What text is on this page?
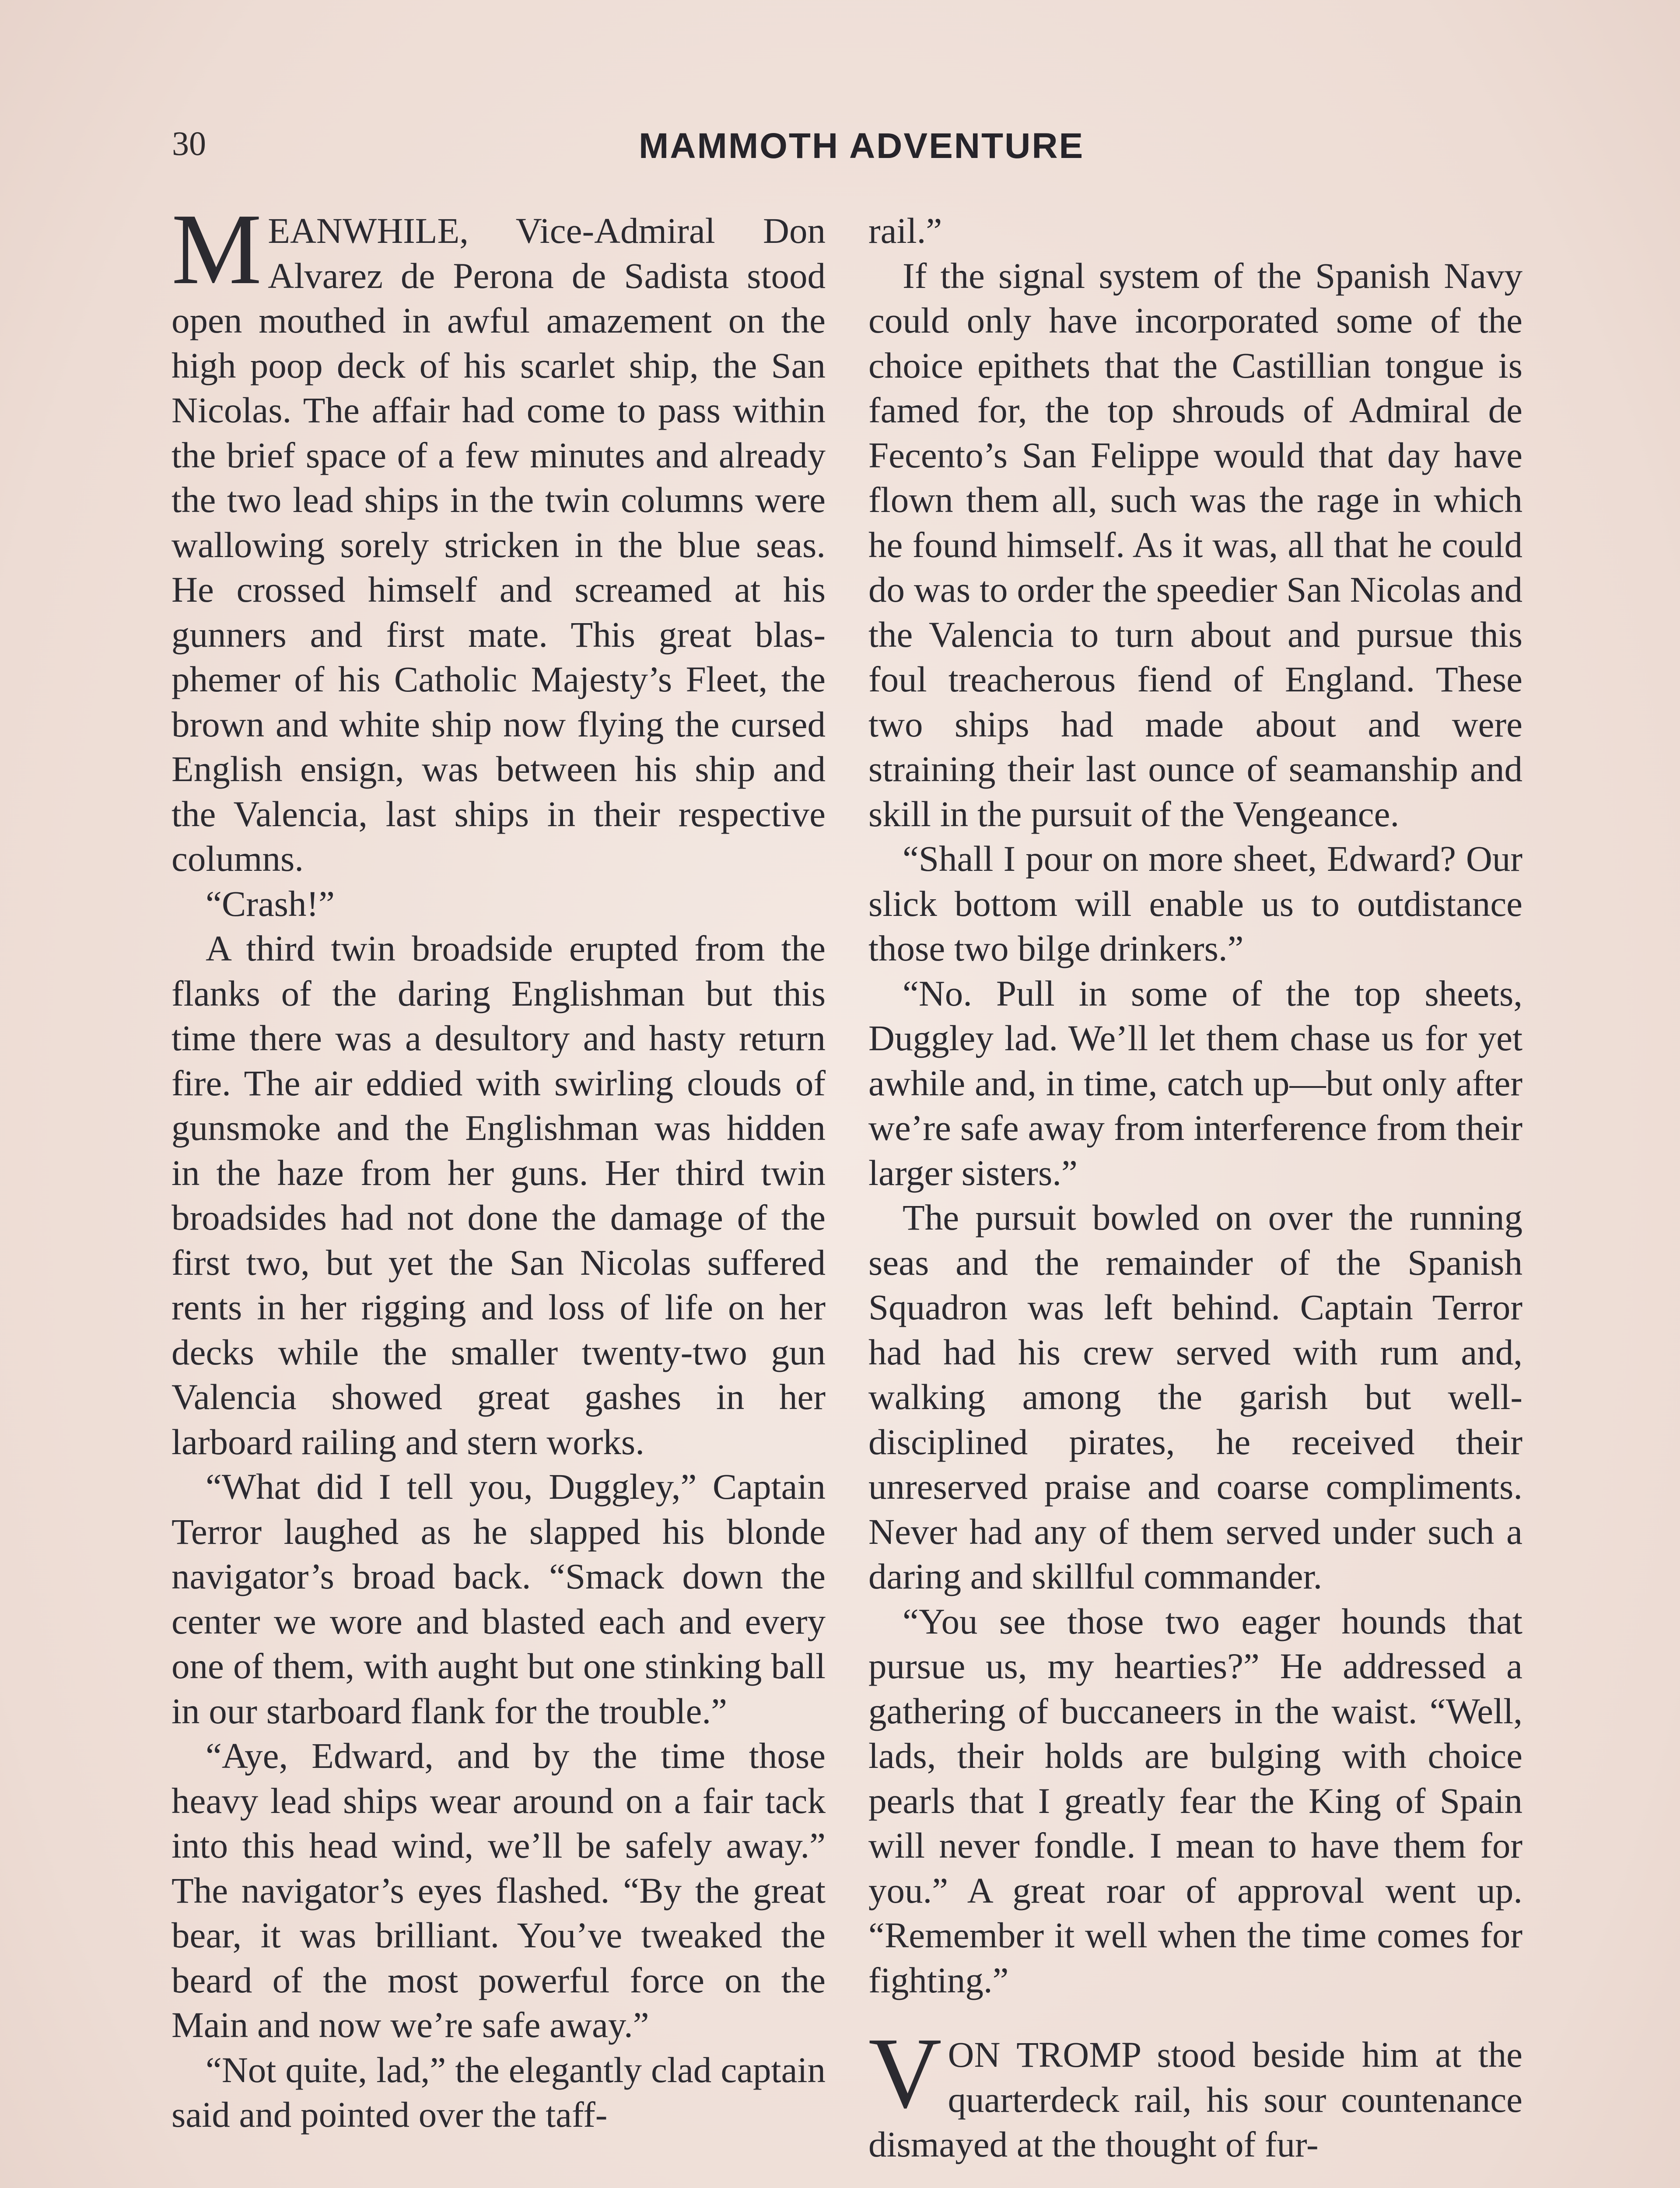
30	MAMMOTH ADVENTURE

MEANWHILE, Vice-Admiral Don Alvarez de Perona de Sadista stood open mouthed in awful amazement on the high poop deck of his scarlet ship, the San Nicolas. The affair had come to pass within the brief space of a few minutes and already the two lead ships in the twin columns were wallowing sorely stricken in the blue seas. He crossed himself and screamed at his gunners and first mate. This great blasphemer of his Catholic Majesty’s Fleet, the brown and white ship now flying the cursed English ensign, was between his ship and the Valencia, last ships in their respective columns.

“Crash!”

A third twin broadside erupted from the flanks of the daring Englishman but this time there was a desultory and hasty return fire. The air eddied with swirling clouds of gunsmoke and the Englishman was hidden in the haze from her guns. Her third twin broadsides had not done the damage of the first two, but yet the San Nicolas suffered rents in her rigging and loss of life on her decks while the smaller twenty-two gun Valencia showed great gashes in her larboard railing and stern works.

“What did I tell you, Duggley,” Captain Terror laughed as he slapped his blonde navigator’s broad back. “Smack down the center we wore and blasted each and every one of them, with aught but one stinking ball in our starboard flank for the trouble.”

“Aye, Edward, and by the time those heavy lead ships wear around on a fair tack into this head wind, we’ll be safely away.” The navigator’s eyes flashed. “By the great bear, it was brilliant. You’ve tweaked the beard of the most powerful force on the Main and now we’re safe away.”

“Not quite, lad,” the elegantly clad captain said and pointed over the taff-

rail.”

If the signal system of the Spanish Navy could only have incorporated some of the choice epithets that the Castillian tongue is famed for, the top shrouds of Admiral de Fecento’s San Felippe would that day have flown them all, such was the rage in which he found himself. As it was, all that he could do was to order the speedier San Nicolas and the Valencia to turn about and pursue this foul treacherous fiend of England. These two ships had made about and were straining their last ounce of seamanship and skill in the pursuit of the Vengeance.

“Shall I pour on more sheet, Edward? Our slick bottom will enable us to outdistance those two bilge drinkers.”

“No. Pull in some of the top sheets, Duggley lad. We’ll let them chase us for yet awhile and, in time, catch up—but only after we’re safe away from interference from their larger sisters.”

The pursuit bowled on over the running seas and the remainder of the Spanish Squadron was left behind. Captain Terror had had his crew served with rum and, walking among the garish but well-disciplined pirates, he received their unreserved praise and coarse compliments. Never had any of them served under such a daring and skillful commander.

“You see those two eager hounds that pursue us, my hearties?” He addressed a gathering of buccaneers in the waist. “Well, lads, their holds are bulging with choice pearls that I greatly fear the King of Spain will never fondle. I mean to have them for you.” A great roar of approval went up. “Remember it well when the time comes for fighting.”

VON TROMP stood beside him at the quarterdeck rail, his sour countenance dismayed at the thought of fur-
